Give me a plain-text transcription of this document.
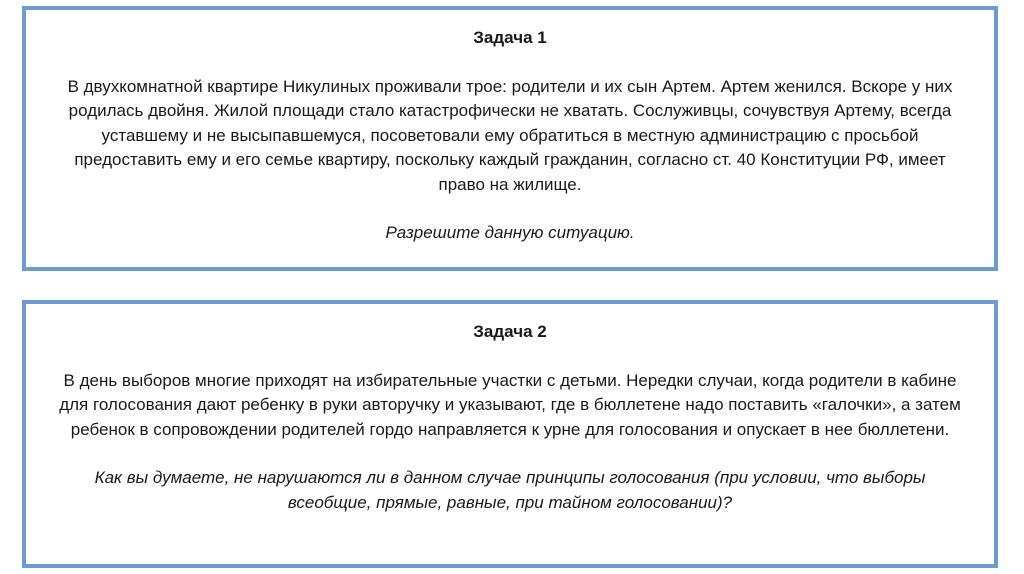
Задача 1

В двухкомнатной квартире Никулиных проживали трое: родители и их сын Артем. Артем женился. Вскоре у них родилась двойня. Жилой площади стало катастрофически не хватать. Сослуживцы, сочувствуя Артему, всегда уставшему и не высыпавшемуся, посоветовали ему обратиться в местную администрацию с просьбой предоставить ему и его семье квартиру, поскольку каждый гражданин, согласно ст. 40 Конституции РФ, имеет право на жилище.

Разрешите данную ситуацию.

Задача 2

В день выборов многие приходят на избирательные участки с детьми. Нередки случаи, когда родители в кабине для голосования дают ребенку в руки авторучку и указывают, где в бюллетене надо поставить «галочки», а затем ребенок в сопровождении родителей гордо направляется к урне для голосования и опускает в нее бюллетени.

Как вы думаете, не нарушаются ли в данном случае принципы голосования (при условии, что выборы всеобщие, прямые, равные, при тайном голосовании)?
